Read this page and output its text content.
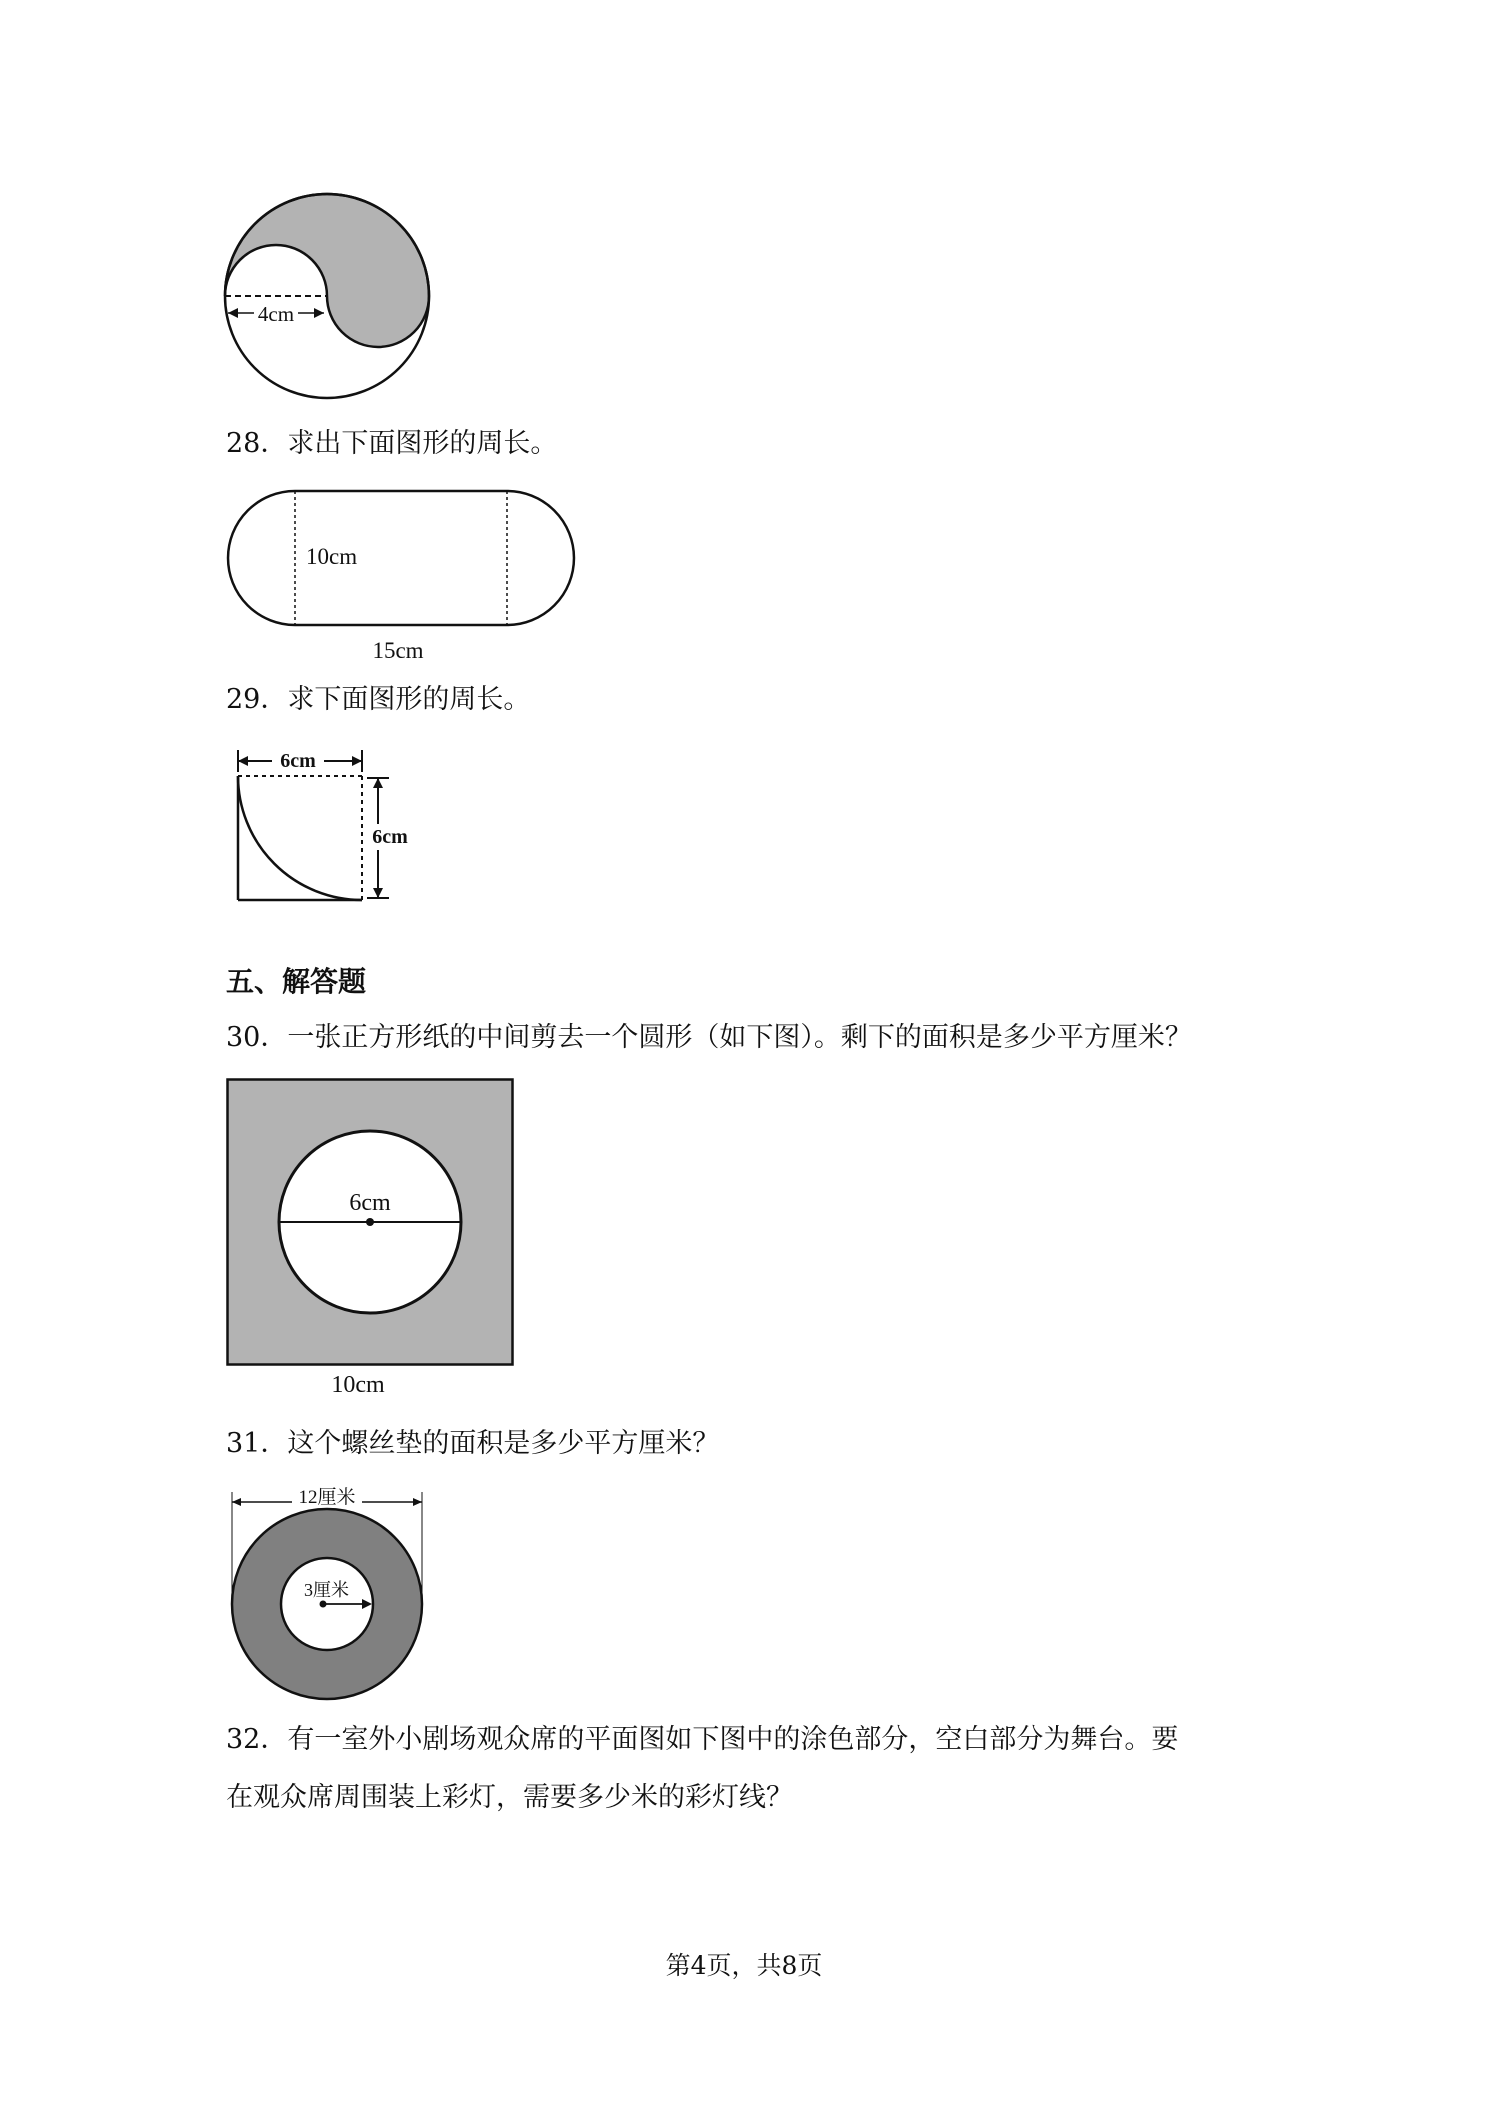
4cm

28．求出下面图形的周长。

10cm
15cm

29．求下面图形的周长。

6cm
6cm

五、解答题

30．一张正方形纸的中间剪去一个圆形（如下图）。剩下的面积是多少平方厘米？

6cm
10cm

31．这个螺丝垫的面积是多少平方厘米？

12厘米
3厘米

32．有一室外小剧场观众席的平面图如下图中的涂色部分，空白部分为舞台。要

在观众席周围装上彩灯，需要多少米的彩灯线？

第4页，共8页
